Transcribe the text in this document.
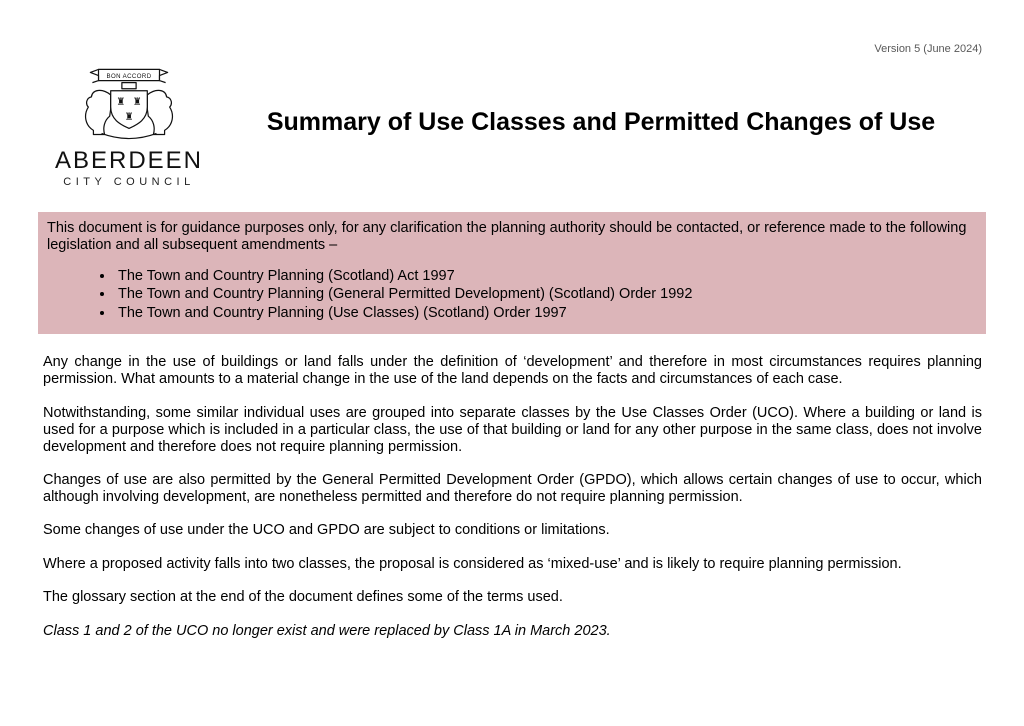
Version 5 (June 2024)
BON ACCORD
♜ ♜
♜
ABERDEEN
CITY COUNCIL
Summary of Use Classes and Permitted Changes of Use

This document is for guidance purposes only, for any clarification the planning authority should be contacted, or reference made to the following legislation and all subsequent amendments –

• The Town and Country Planning (Scotland) Act 1997
• The Town and Country Planning (General Permitted Development) (Scotland) Order 1992
• The Town and Country Planning (Use Classes) (Scotland) Order 1997

Any change in the use of buildings or land falls under the definition of ‘development’ and therefore in most circumstances requires planning permission. What amounts to a material change in the use of the land depends on the facts and circumstances of each case.

Notwithstanding, some similar individual uses are grouped into separate classes by the Use Classes Order (UCO). Where a building or land is used for a purpose which is included in a particular class, the use of that building or land for any other purpose in the same class, does not involve development and therefore does not require planning permission.

Changes of use are also permitted by the General Permitted Development Order (GPDO), which allows certain changes of use to occur, which although involving development, are nonetheless permitted and therefore do not require planning permission.

Some changes of use under the UCO and GPDO are subject to conditions or limitations.

Where a proposed activity falls into two classes, the proposal is considered as ‘mixed-use’ and is likely to require planning permission.

The glossary section at the end of the document defines some of the terms used.

Class 1 and 2 of the UCO no longer exist and were replaced by Class 1A in March 2023.
